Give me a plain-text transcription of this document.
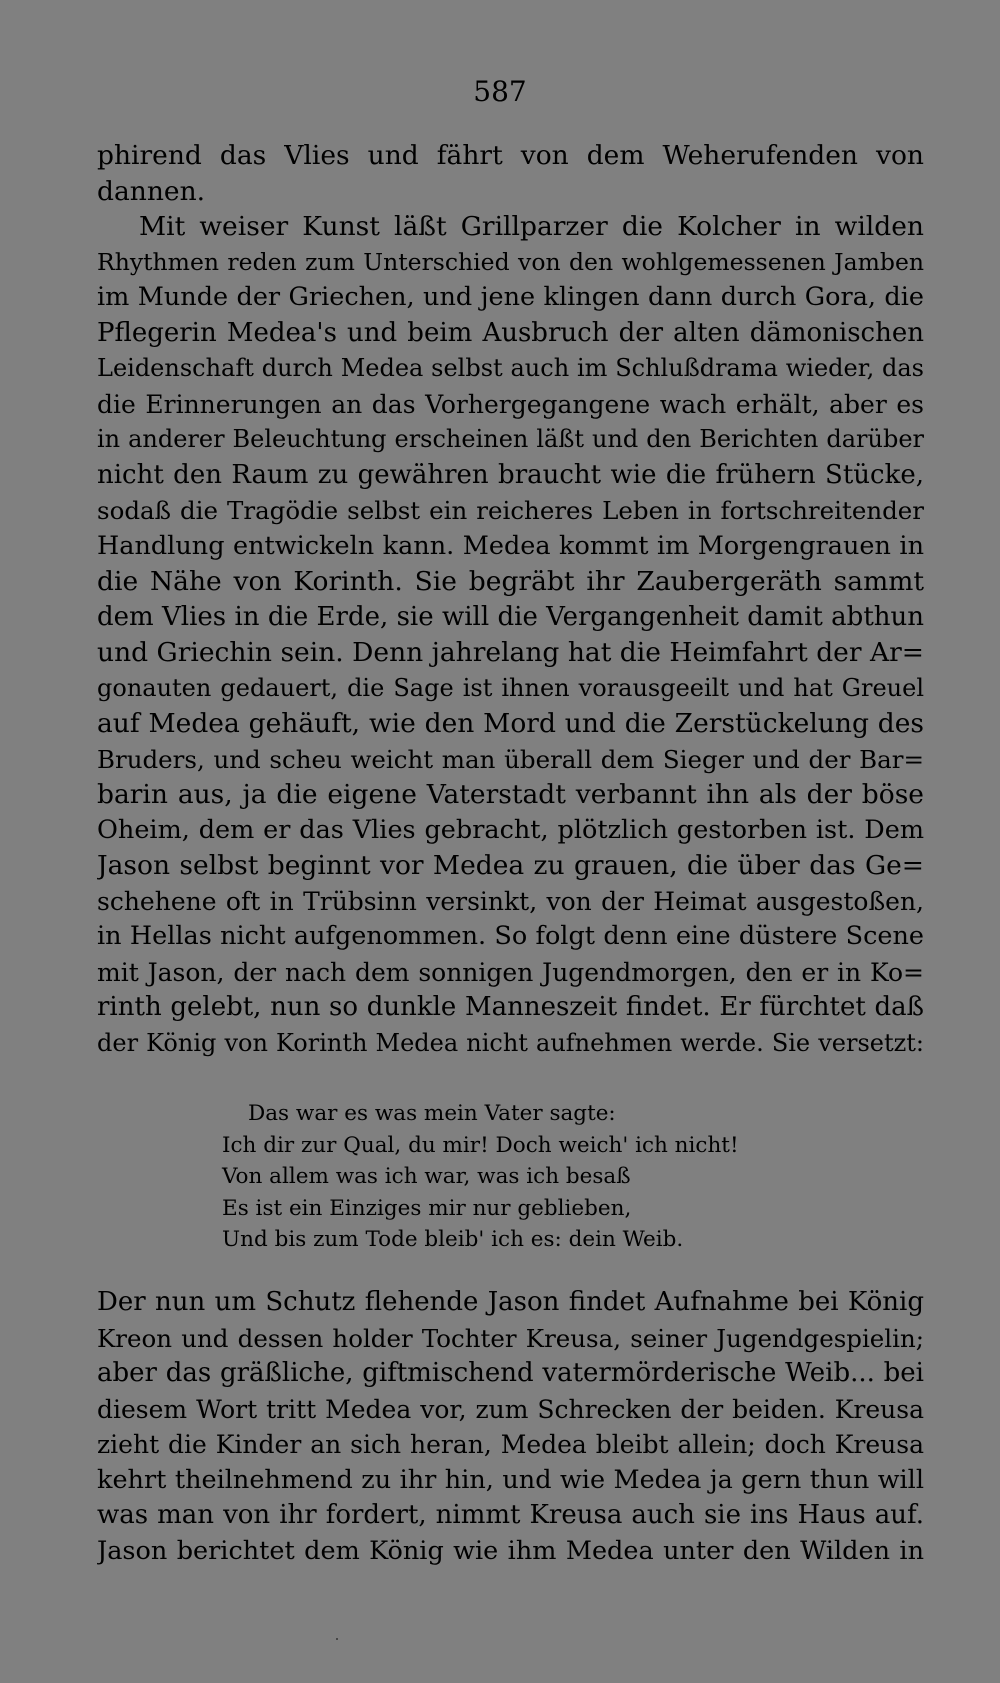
587
phirend das Vlies und fährt von dem Weherufenden von
dannen.
Mit weiser Kunst läßt Grillparzer die Kolcher in wilden
Rhythmen reden zum Unterschied von den wohlgemessenen Jamben
im Munde der Griechen, und jene klingen dann durch Gora, die
Pflegerin Medea's und beim Ausbruch der alten dämonischen
Leidenschaft durch Medea selbst auch im Schlußdrama wieder, das
die Erinnerungen an das Vorhergegangene wach erhält, aber es
in anderer Beleuchtung erscheinen läßt und den Berichten darüber
nicht den Raum zu gewähren braucht wie die frühern Stücke,
sodaß die Tragödie selbst ein reicheres Leben in fortschreitender
Handlung entwickeln kann. Medea kommt im Morgengrauen in
die Nähe von Korinth. Sie begräbt ihr Zaubergeräth sammt
dem Vlies in die Erde, sie will die Vergangenheit damit abthun
und Griechin sein. Denn jahrelang hat die Heimfahrt der Ar=
gonauten gedauert, die Sage ist ihnen vorausgeeilt und hat Greuel
auf Medea gehäuft, wie den Mord und die Zerstückelung des
Bruders, und scheu weicht man überall dem Sieger und der Bar=
barin aus, ja die eigene Vaterstadt verbannt ihn als der böse
Oheim, dem er das Vlies gebracht, plötzlich gestorben ist. Dem
Jason selbst beginnt vor Medea zu grauen, die über das Ge=
schehene oft in Trübsinn versinkt, von der Heimat ausgestoßen,
in Hellas nicht aufgenommen. So folgt denn eine düstere Scene
mit Jason, der nach dem sonnigen Jugendmorgen, den er in Ko=
rinth gelebt, nun so dunkle Manneszeit findet. Er fürchtet daß
der König von Korinth Medea nicht aufnehmen werde. Sie versetzt:
Das war es was mein Vater sagte:
Ich dir zur Qual, du mir! Doch weich' ich nicht!
Von allem was ich war, was ich besaß
Es ist ein Einziges mir nur geblieben,
Und bis zum Tode bleib' ich es: dein Weib.
Der nun um Schutz flehende Jason findet Aufnahme bei König
Kreon und dessen holder Tochter Kreusa, seiner Jugendgespielin;
aber das gräßliche, giftmischend vatermörderische Weib... bei
diesem Wort tritt Medea vor, zum Schrecken der beiden. Kreusa
zieht die Kinder an sich heran, Medea bleibt allein; doch Kreusa
kehrt theilnehmend zu ihr hin, und wie Medea ja gern thun will
was man von ihr fordert, nimmt Kreusa auch sie ins Haus auf.
Jason berichtet dem König wie ihm Medea unter den Wilden in
